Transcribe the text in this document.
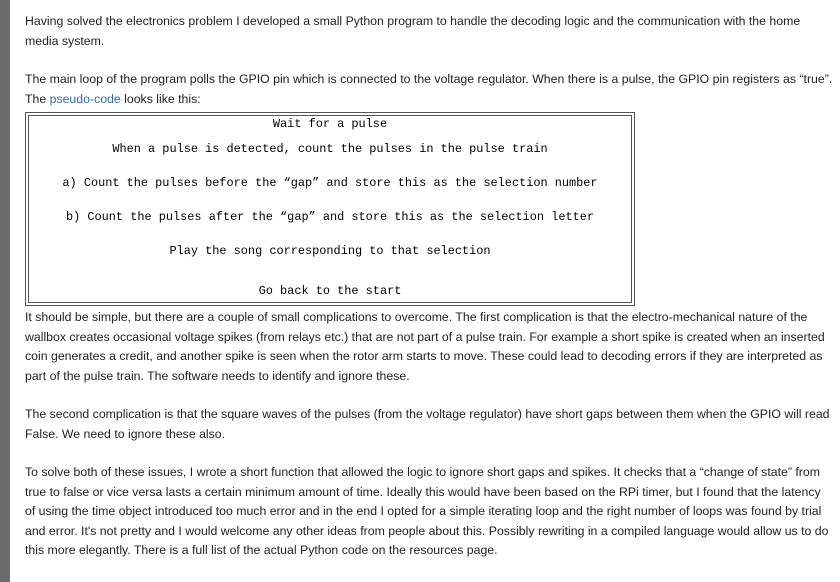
Having solved the electronics problem I developed a small Python program to handle the decoding logic and the communication with the home media system.

The main loop of the program polls the GPIO pin which is connected to the voltage regulator. When there is a pulse, the GPIO pin registers as “true”. The pseudo-code looks like this:

Wait for a pulse
When a pulse is detected, count the pulses in the pulse train
a) Count the pulses before the “gap” and store this as the selection number
b) Count the pulses after the “gap” and store this as the selection letter
Play the song corresponding to that selection
Go back to the start

It should be simple, but there are a couple of small complications to overcome. The first complication is that the electro-mechanical nature of the wallbox creates occasional voltage spikes (from relays etc.) that are not part of a pulse train. For example a short spike is created when an inserted coin generates a credit, and another spike is seen when the rotor arm starts to move. These could lead to decoding errors if they are interpreted as part of the pulse train. The software needs to identify and ignore these.

The second complication is that the square waves of the pulses (from the voltage regulator) have short gaps between them when the GPIO will read False. We need to ignore these also.

To solve both of these issues, I wrote a short function that allowed the logic to ignore short gaps and spikes. It checks that a “change of state” from true to false or vice versa lasts a certain minimum amount of time. Ideally this would have been based on the RPi timer, but I found that the latency of using the time object introduced too much error and in the end I opted for a simple iterating loop and the right number of loops was found by trial and error. It's not pretty and I would welcome any other ideas from people about this. Possibly rewriting in a compiled language would allow us to do this more elegantly. There is a full list of the actual Python code on the resources page.
